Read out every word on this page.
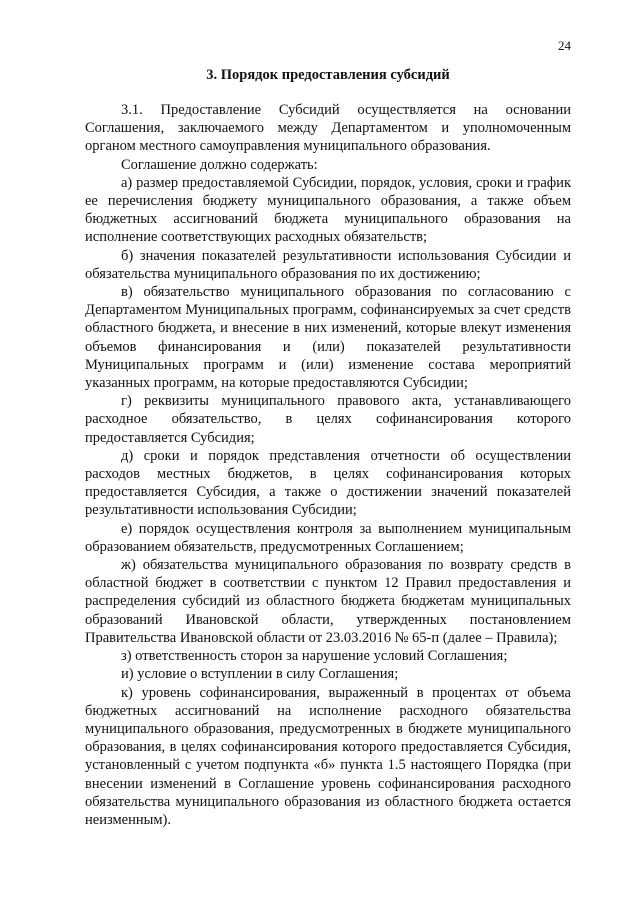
24
3. Порядок предоставления субсидий

3.1. Предоставление Субсидий осуществляется на основании Соглашения, заключаемого между Департаментом и уполномоченным органом местного самоуправления муниципального образования.

Соглашение должно содержать:

а) размер предоставляемой Субсидии, порядок, условия, сроки и график ее перечисления бюджету муниципального образования, а также объем бюджетных ассигнований бюджета муниципального образования на исполнение соответствующих расходных обязательств;

б) значения показателей результативности использования Субсидии и обязательства муниципального образования по их достижению;

в) обязательство муниципального образования по согласованию с Департаментом Муниципальных программ, софинансируемых за счет средств областного бюджета, и внесение в них изменений, которые влекут изменения объемов финансирования и (или) показателей результативности Муниципальных программ и (или) изменение состава мероприятий указанных программ, на которые предоставляются Субсидии;

г) реквизиты муниципального правового акта, устанавливающего расходное обязательство, в целях софинансирования которого предоставляется Субсидия;

д) сроки и порядок представления отчетности об осуществлении расходов местных бюджетов, в целях софинансирования которых предоставляется Субсидия, а также о достижении значений показателей результативности использования Субсидии;

е) порядок осуществления контроля за выполнением муниципальным образованием обязательств, предусмотренных Соглашением;

ж) обязательства муниципального образования по возврату средств в областной бюджет в соответствии с пунктом 12 Правил предоставления и распределения субсидий из областного бюджета бюджетам муниципальных образований Ивановской области, утвержденных постановлением Правительства Ивановской области от 23.03.2016 № 65-п (далее – Правила);

з) ответственность сторон за нарушение условий Соглашения;

и) условие о вступлении в силу Соглашения;

к) уровень софинансирования, выраженный в процентах от объема бюджетных ассигнований на исполнение расходного обязательства муниципального образования, предусмотренных в бюджете муниципального образования, в целях софинансирования которого предоставляется Субсидия, установленный с учетом подпункта «б» пункта 1.5 настоящего Порядка (при внесении изменений в Соглашение уровень софинансирования расходного обязательства муниципального образования из областного бюджета остается неизменным).
